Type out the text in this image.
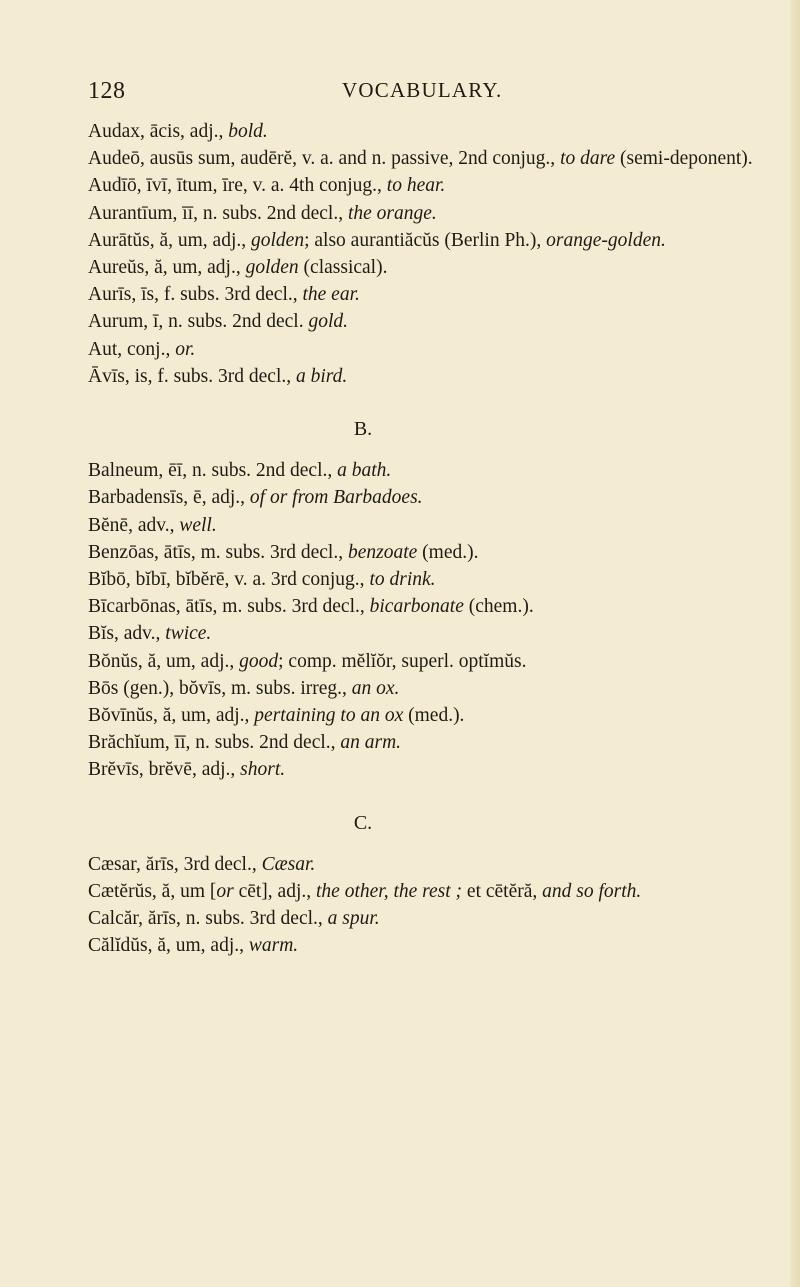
128	VOCABULARY.

Audax, ācis, adj., bold.

Audeō, ausūs sum, audērĕ, v. a. and n. passive, 2nd conjug., to dare (semi-deponent).

Audīō, īvī, ītum, īre, v. a. 4th conjug., to hear.

Aurantīum, īī, n. subs. 2nd decl., the orange.

Aurātŭs, ă, um, adj., golden; also aurantiăcŭs (Berlin Ph.), orange-golden.

Aureŭs, ă, um, adj., golden (classical).

Aurīs, īs, f. subs. 3rd decl., the ear.

Aurum, ī, n. subs. 2nd decl. gold.

Aut, conj., or.

Āvīs, is, f. subs. 3rd decl., a bird.

B.

Balneum, ēī, n. subs. 2nd decl., a bath.

Barbadensīs, ē, adj., of or from Barbadoes.

Bĕnē, adv., well.

Benzōas, ātīs, m. subs. 3rd decl., benzoate (med.).

Bĭbō, bĭbī, bĭbĕrē, v. a. 3rd conjug., to drink.

Bīcarbōnas, ātīs, m. subs. 3rd decl., bicarbonate (chem.).

Bĭs, adv., twice.

Bŏnŭs, ă, um, adj., good; comp. mĕlĭŏr, superl. optĭmŭs.

Bōs (gen.), bŏvīs, m. subs. irreg., an ox.

Bŏvīnŭs, ă, um, adj., pertaining to an ox (med.).

Brăchĭum, īī, n. subs. 2nd decl., an arm.

Brĕvīs, brĕvē, adj., short.

C.

Cæsar, ărīs, 3rd decl., Cæsar.

Cætĕrŭs, ă, um [or cēt], adj., the other, the rest ; et cētĕră, and so forth.

Calcăr, ărīs, n. subs. 3rd decl., a spur.

Călĭdŭs, ă, um, adj., warm.
